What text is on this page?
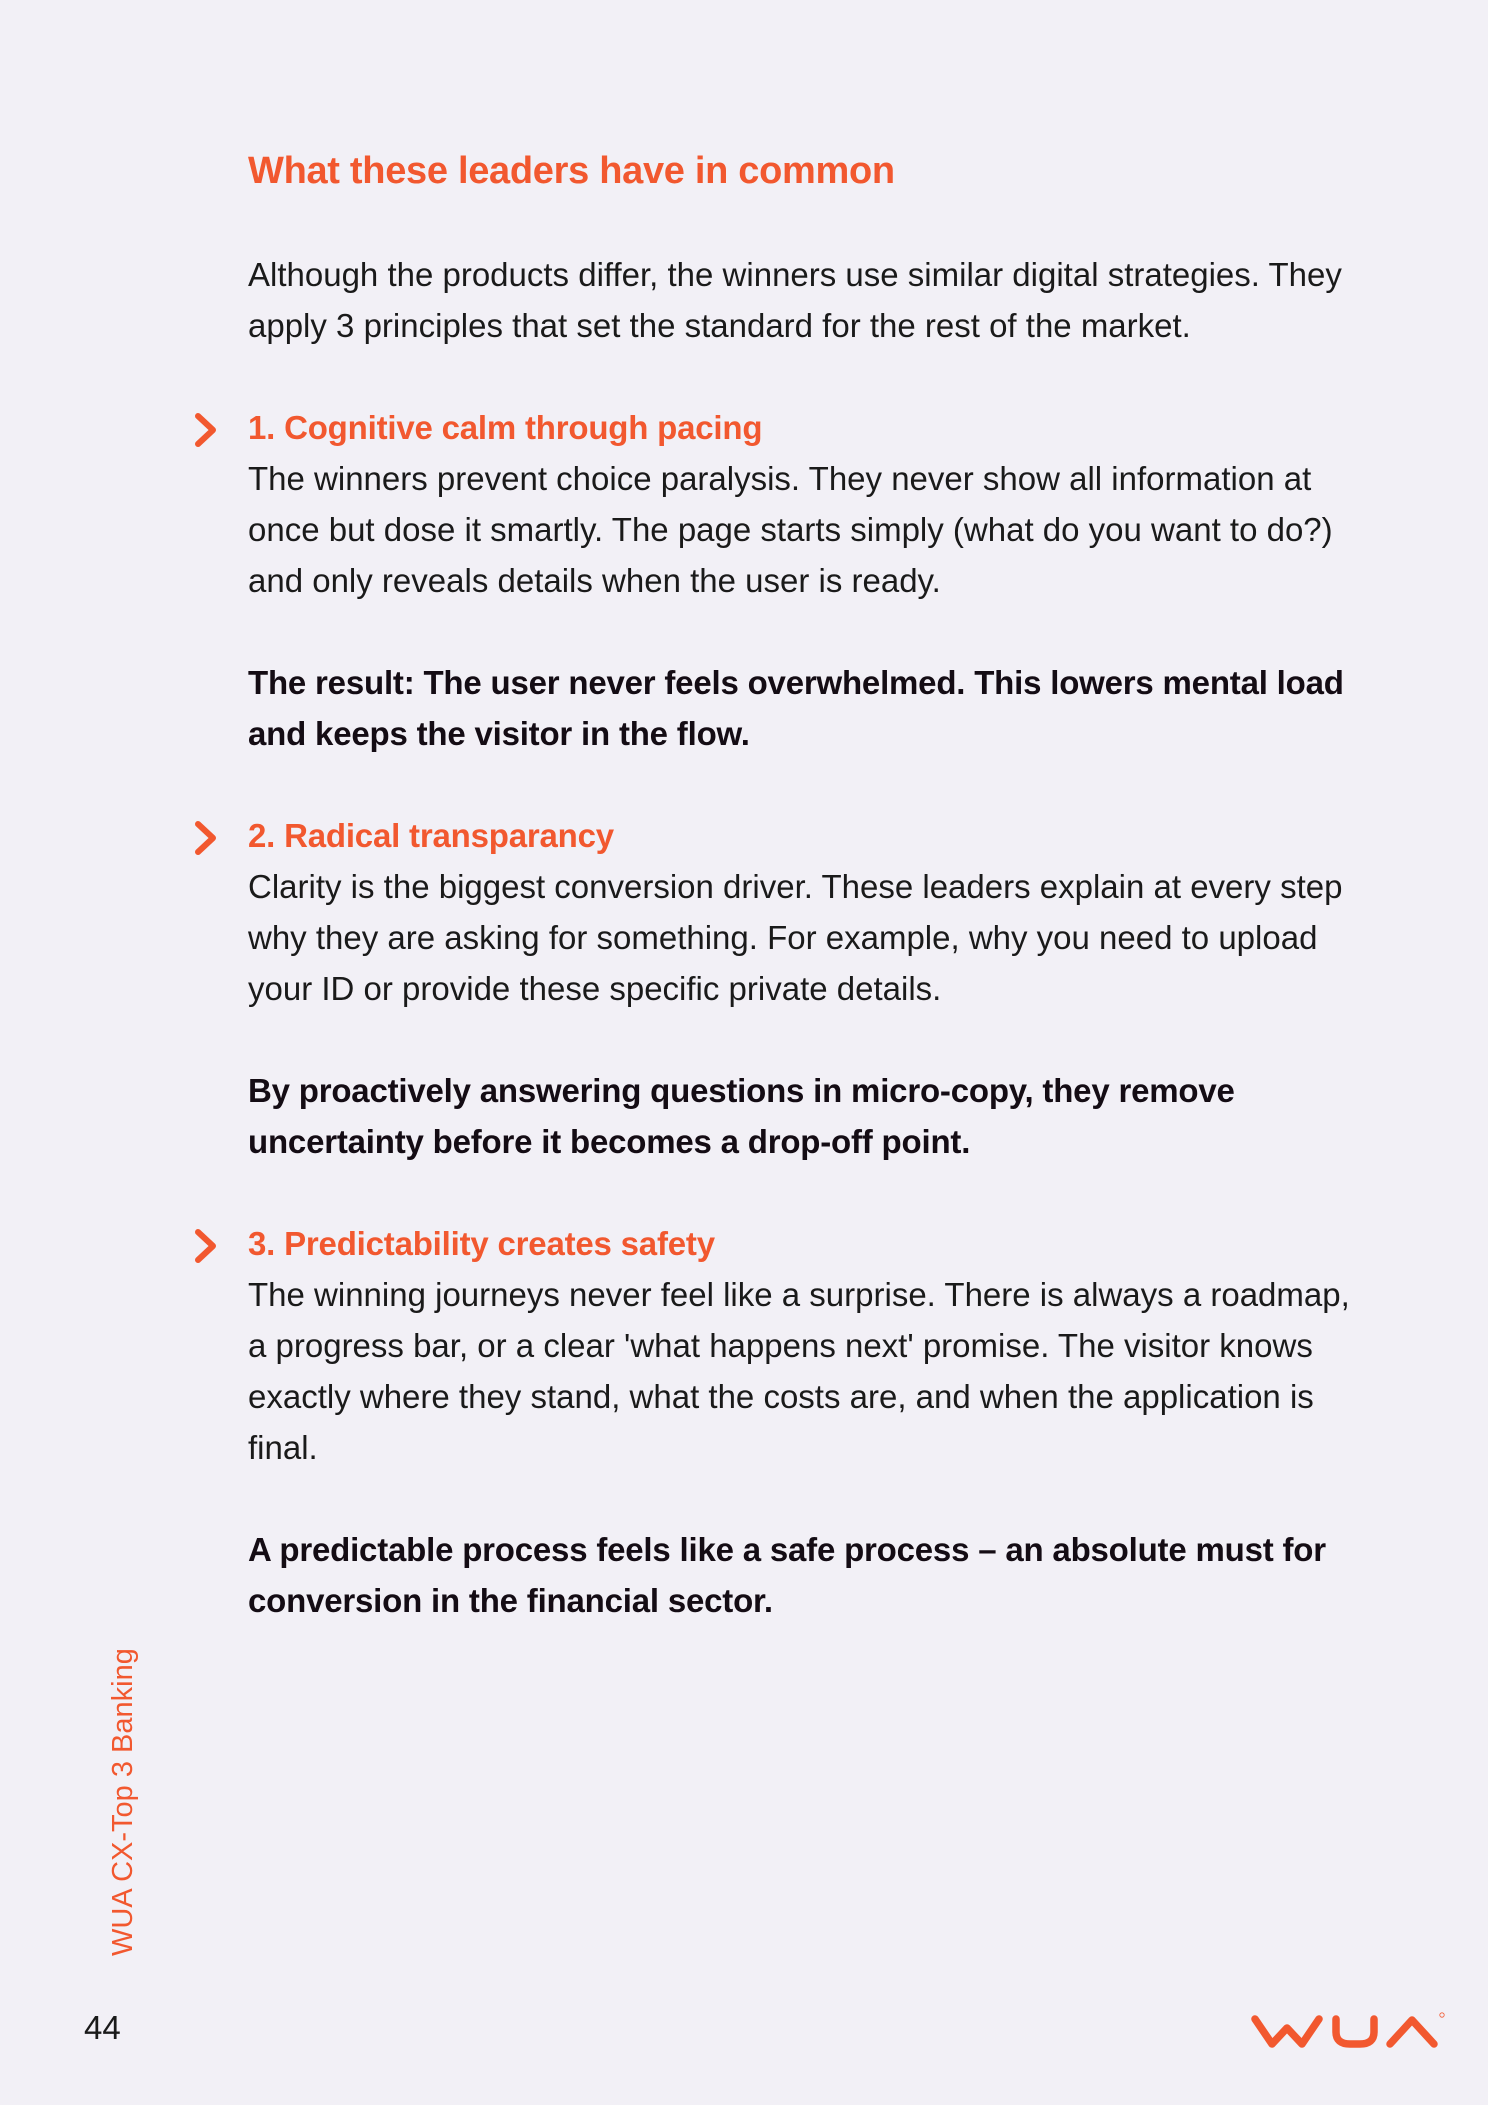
What these leaders have in common

Although the products differ, the winners use similar digital strategies. They apply 3 principles that set the standard for the rest of the market.

1. Cognitive calm through pacing

The winners prevent choice paralysis. They never show all information at once but dose it smartly. The page starts simply (what do you want to do?) and only reveals details when the user is ready.

The result: The user never feels overwhelmed. This lowers mental load and keeps the visitor in the flow.

2. Radical transparancy

Clarity is the biggest conversion driver. These leaders explain at every step why they are asking for something. For example, why you need to upload your ID or provide these specific private details.

By proactively answering questions in micro-copy, they remove uncertainty before it becomes a drop-off point.

3. Predictability creates safety

The winning journeys never feel like a surprise. There is always a roadmap, a progress bar, or a clear 'what happens next' promise. The visitor knows exactly where they stand, what the costs are, and when the application is final.

A predictable process feels like a safe process – an absolute must for conversion in the financial sector.

WUA CX-Top 3 Banking
44
